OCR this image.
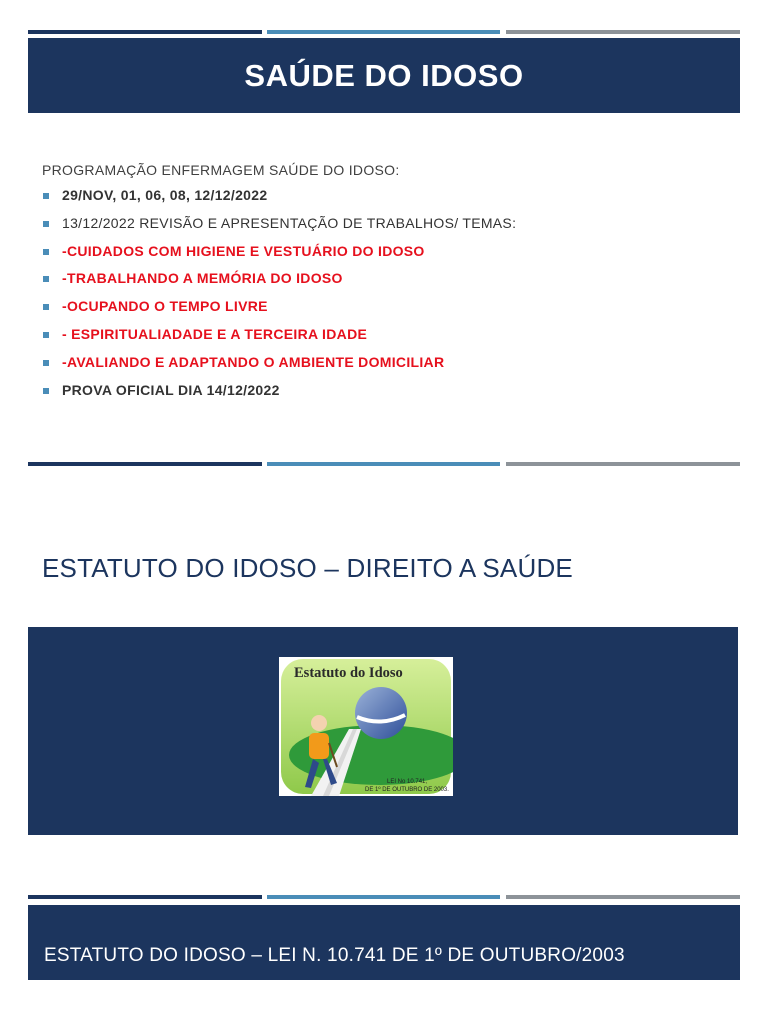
SAÚDE DO IDOSO
PROGRAMAÇÃO ENFERMAGEM SAÚDE DO IDOSO:
29/NOV, 01, 06, 08, 12/12/2022
13/12/2022 REVISÃO E APRESENTAÇÃO DE TRABALHOS/ TEMAS:
-CUIDADOS COM HIGIENE E VESTUÁRIO DO IDOSO
-TRABALHANDO A MEMÓRIA DO IDOSO
-OCUPANDO O TEMPO LIVRE
- ESPIRITUALIADADE E A TERCEIRA IDADE
-AVALIANDO E ADAPTANDO O AMBIENTE DOMICILIAR
PROVA OFICIAL DIA 14/12/2022
ESTATUTO DO IDOSO – DIREITO A SAÚDE
Estatuto do Idoso
LEI No 10.741,
DE 1º DE OUTUBRO DE 2003.

ESTATUTO DO IDOSO – LEI N. 10.741 DE 1º DE OUTUBRO/2003
